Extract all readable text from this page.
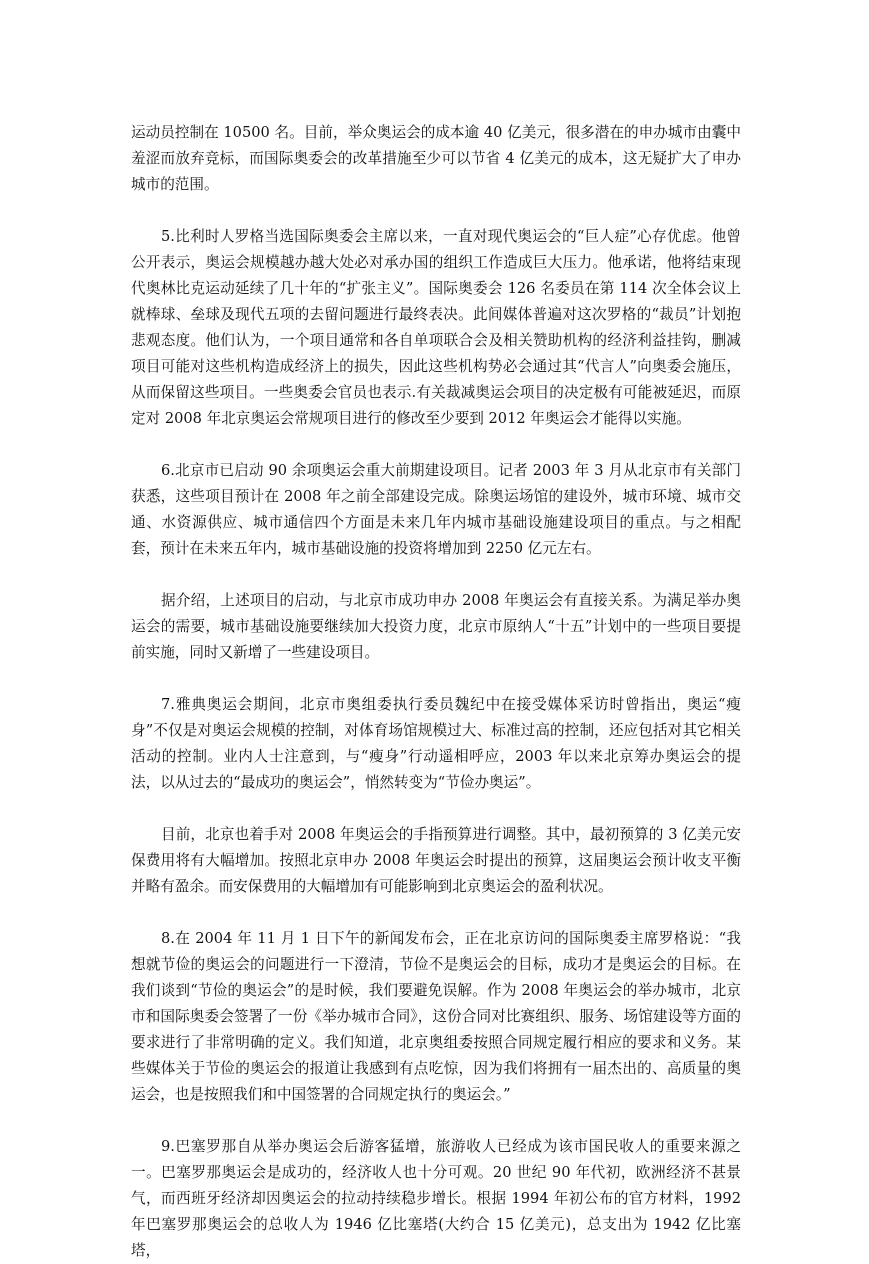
运动员控制在 10500 名。目前，举众奥运会的成本逾 40 亿美元，很多潜在的申办城市由囊中羞涩而放弃竞标，而国际奥委会的改革措施至少可以节省 4 亿美元的成本，这无疑扩大了申办城市的范围。

5.比利时人罗格当选国际奥委会主席以来，一直对现代奥运会的“巨人症”心存优虑。他曾公开表示，奥运会规模越办越大处必对承办国的组织工作造成巨大压力。他承诺，他将结束现代奥林比克运动延续了几十年的“扩张主义”。国际奥委会 126 名委员在第 114 次全体会议上就棒球、垒球及现代五项的去留问题进行最终表决。此间媒体普遍对这次罗格的“裁员”计划抱悲观态度。他们认为，一个项目通常和各自单项联合会及相关赞助机构的经济利益挂钩，删减项目可能对这些机构造成经济上的损失，因此这些机构势必会通过其“代言人”向奥委会施压，从而保留这些项目。一些奥委会官员也表示.有关裁减奥运会项目的决定极有可能被延迟，而原定对 2008 年北京奥运会常规项目进行的修改至少要到 2012 年奥运会才能得以实施。

6.北京市已启动 90 余项奥运会重大前期建设项目。记者 2003 年 3 月从北京市有关部门获悉，这些项目预计在 2008 年之前全部建设完成。除奥运场馆的建设外，城市环境、城市交通、水资源供应、城市通信四个方面是未来几年内城市基础设施建设项目的重点。与之相配套，预计在未来五年内，城市基础设施的投资将增加到 2250 亿元左右。

据介绍，上述项目的启动，与北京市成功申办 2008 年奥运会有直接关系。为满足举办奥运会的需要，城市基础设施要继续加大投资力度，北京市原纳人“十五”计划中的一些项目要提前实施，同时又新增了一些建设项目。

7.雅典奥运会期间，北京市奥组委执行委员魏纪中在接受媒体采访时曾指出，奥运“瘦身”不仅是对奥运会规模的控制，对体育场馆规模过大、标准过高的控制，还应包括对其它相关活动的控制。业内人士注意到，与“瘦身”行动遥相呼应，2003 年以来北京筹办奥运会的提法，以从过去的“最成功的奥运会”，悄然转变为“节俭办奥运”。

目前，北京也着手对 2008 年奥运会的手指预算进行调整。其中，最初预算的 3 亿美元安保费用将有大幅增加。按照北京申办 2008 年奥运会时提出的预算，这届奥运会预计收支平衡并略有盈余。而安保费用的大幅增加有可能影响到北京奥运会的盈利状况。

8.在 2004 年 11 月 1 日下午的新闻发布会，正在北京访问的国际奥委主席罗格说：“我想就节俭的奥运会的问题进行一下澄清，节俭不是奥运会的目标，成功才是奥运会的目标。在我们谈到“节俭的奥运会”的是时候，我们要避免误解。作为 2008 年奥运会的举办城市，北京市和国际奥委会签署了一份《举办城市合同》，这份合同对比赛组织、服务、场馆建设等方面的要求进行了非常明确的定义。我们知道，北京奥组委按照合同规定履行相应的要求和义务。某些媒体关于节俭的奥运会的报道让我感到有点吃惊，因为我们将拥有一届杰出的、高质量的奥运会，也是按照我们和中国签署的合同规定执行的奥运会。”

9.巴塞罗那自从举办奥运会后游客猛增，旅游收人已经成为该市国民收人的重要来源之一。巴塞罗那奥运会是成功的，经济收人也十分可观。20 世纪 90 年代初，欧洲经济不甚景气，而西班牙经济却因奥运会的拉动持续稳步增长。根据 1994 年初公布的官方材料，1992 年巴塞罗那奥运会的总收人为 1946 亿比塞塔(大约合 15 亿美元)，总支出为 1942 亿比塞塔，
